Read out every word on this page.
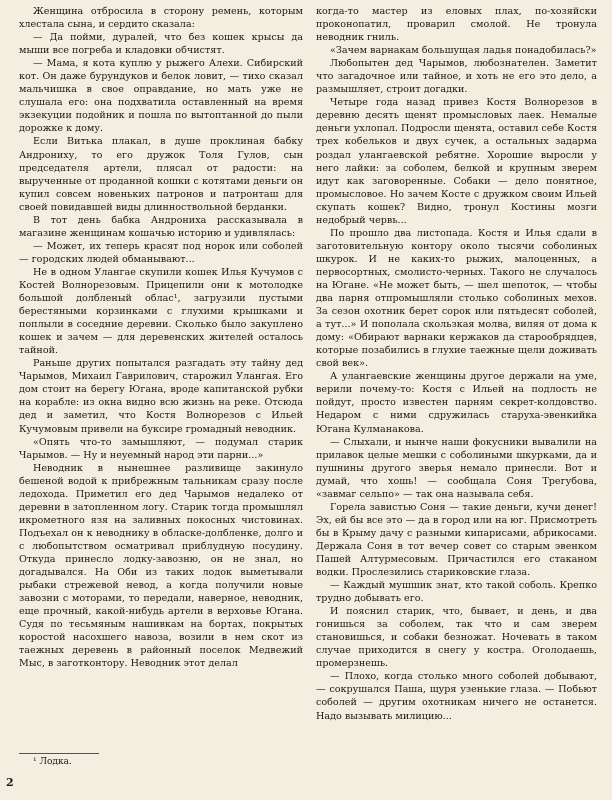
Женщина отбросила в сторону ремень, которым хлестала сына, и сердито сказала:

— Да пойми, дуралей, что без кошек крысы да мыши все погреба и кладовки обчистят.

— Мама, я кота куплю у рыжего Алехи. Сибирский кот. Он даже бурундуков и белок ловит, — тихо сказал мальчишка в свое оправдание, но мать уже не слушала его: она подхватила оставленный на время экзекуции подойник и пошла по вытоптанной до пыли дорожке к дому.

Если Витька плакал, в душе проклиная бабку Андрониху, то его дружок Толя Гулов, сын председателя артели, плясал от радости: на вырученные от проданной кошки с котятами деньги он купил совсем новеньких патронов и патронташ для своей повидавшей виды длинноствольной берданки.

В тот день бабка Андрониха рассказывала в магазине женщинам кошачью историю и удивлялась:

— Может, их теперь красят под норок или соболей — городских людей обманывают...

Не в одном Улангае скупили кошек Илья Кучумов с Костей Волнорезовым. Прицепили они к мотолодке большой долбленый облас¹, загрузили пустыми берестяными корзинками с глухими крышками и поплыли в соседние деревни. Сколько было закуплено кошек и зачем — для деревенских жителей осталось тайной.

Раньше других попытался разгадать эту тайну дед Чарымов, Михаил Гаврилович, старожил Улангая. Его дом стоит на берегу Югана, вроде капитанской рубки на корабле: из окна видно всю жизнь на реке. Отсюда дед и заметил, что Костя Волнорезов с Ильей Кучумовым привели на буксире громадный неводник.

«Опять что-то замышляют, — подумал старик Чарымов. — Ну и неуемный народ эти парни...»

Неводник в нынешнее разливище закинуло бешеной водой к прибрежным тальникам сразу после ледохода. Приметил его дед Чарымов недалеко от деревни в затопленном логу. Старик тогда промышлял икрометного язя на заливных покосных чистовинах. Подъехал он к неводнику в обласке-долбленке, долго и с любопытством осматривал приблудную посудину. Откуда принесло лодку-завозню, он не знал, но догадывался. На Оби из таких лодок выметывали рыбаки стрежевой невод, а когда получили новые завозни с моторами, то передали, наверное, неводник, еще прочный, какой-нибудь артели в верховье Югана. Судя по тесьмяным нашивкам на бортах, покрытых коростой насохшего навоза, возили в нем скот из таежных деревень в районный поселок Медвежий Мыс, в заготконтору. Неводник этот делал

когда-то мастер из еловых плах, по-хозяйски проконопатил, проварил смолой. Не тронула неводник гниль.

«Зачем варнакам большущая ладья понадобилась?»

Любопытен дед Чарымов, любознателен. Заметит что загадочное или тайное, и хоть не его это дело, а размышляет, строит догадки.

Четыре года назад привез Костя Волнорезов в деревню десять щенят промысловых лаек. Немалые деньги ухлопал. Подросли щенята, оставил себе Костя трех кобельков и двух сучек, а остальных задарма роздал улангаевской ребятне. Хорошие выросли у него лайки: за соболем, белкой и крупным зверем идут как заговоренные. Собаки — дело понятное, промысловое. Но зачем Косте с дружком своим Ильей скупать кошек? Видно, тронул Костины мозги недобрый червь...

По прошло два листопада. Костя и Илья сдали в заготовительную контору около тысячи соболиных шкурок. И не каких-то рыжих, малоценных, а первосортных, смолисто-черных. Такого не случалось на Югане. «Не может быть, — шел шепоток, — чтобы два парня отпромышляли столько соболиных мехов. За сезон охотник берет сорок или пятьдесят соболей, а тут...» И пополала скользкая молва, виляя от дома к дому: «Обирают варнаки кержаков да старообрядцев, которые позабились в глухие таежные щели доживать свой век».

А улангаевские женщины другое держали на уме, верили почему-то: Костя с Ильей на подлость не пойдут, просто известен парням секрет-колдовство. Недаром с ними сдружилась старуха-эвенкийка Югана Кулманакова.

— Слыхали, и нынче наши фокусники вывалили на прилавок целые мешки с соболиными шкурками, да и пушнины другого зверья немало принесли. Вот и думай, что хошь! — сообщала Соня Трегубова, «завмаг сельпо» — так она называла себя.

Горела завистью Соня — такие деньги, кучи денег! Эх, ей бы все это — да в город или на юг. Присмотреть бы в Крыму дачу с разными кипарисами, абрикосами. Держала Соня в тот вечер совет со старым эвенком Пашей Алтурмесовым. Причастился его стаканом водки. Прослезились стариковские глаза.

— Каждый мушшик знат, кто такой соболь. Крепко трудно добывать его.

И пояснил старик, что, бывает, и день, и два гонишься за соболем, так что и сам зверем становишься, и собаки безножат. Ночевать в таком случае приходится в снегу у костра. Оголодаешь, промерзнешь.

— Плохо, когда столько много соболей добывают, — сокрушался Паша, щуря узенькие глаза. — Побьют соболей — другим охотникам ничего не останется. Надо вызывать милицию...

¹ Лодка.
2
